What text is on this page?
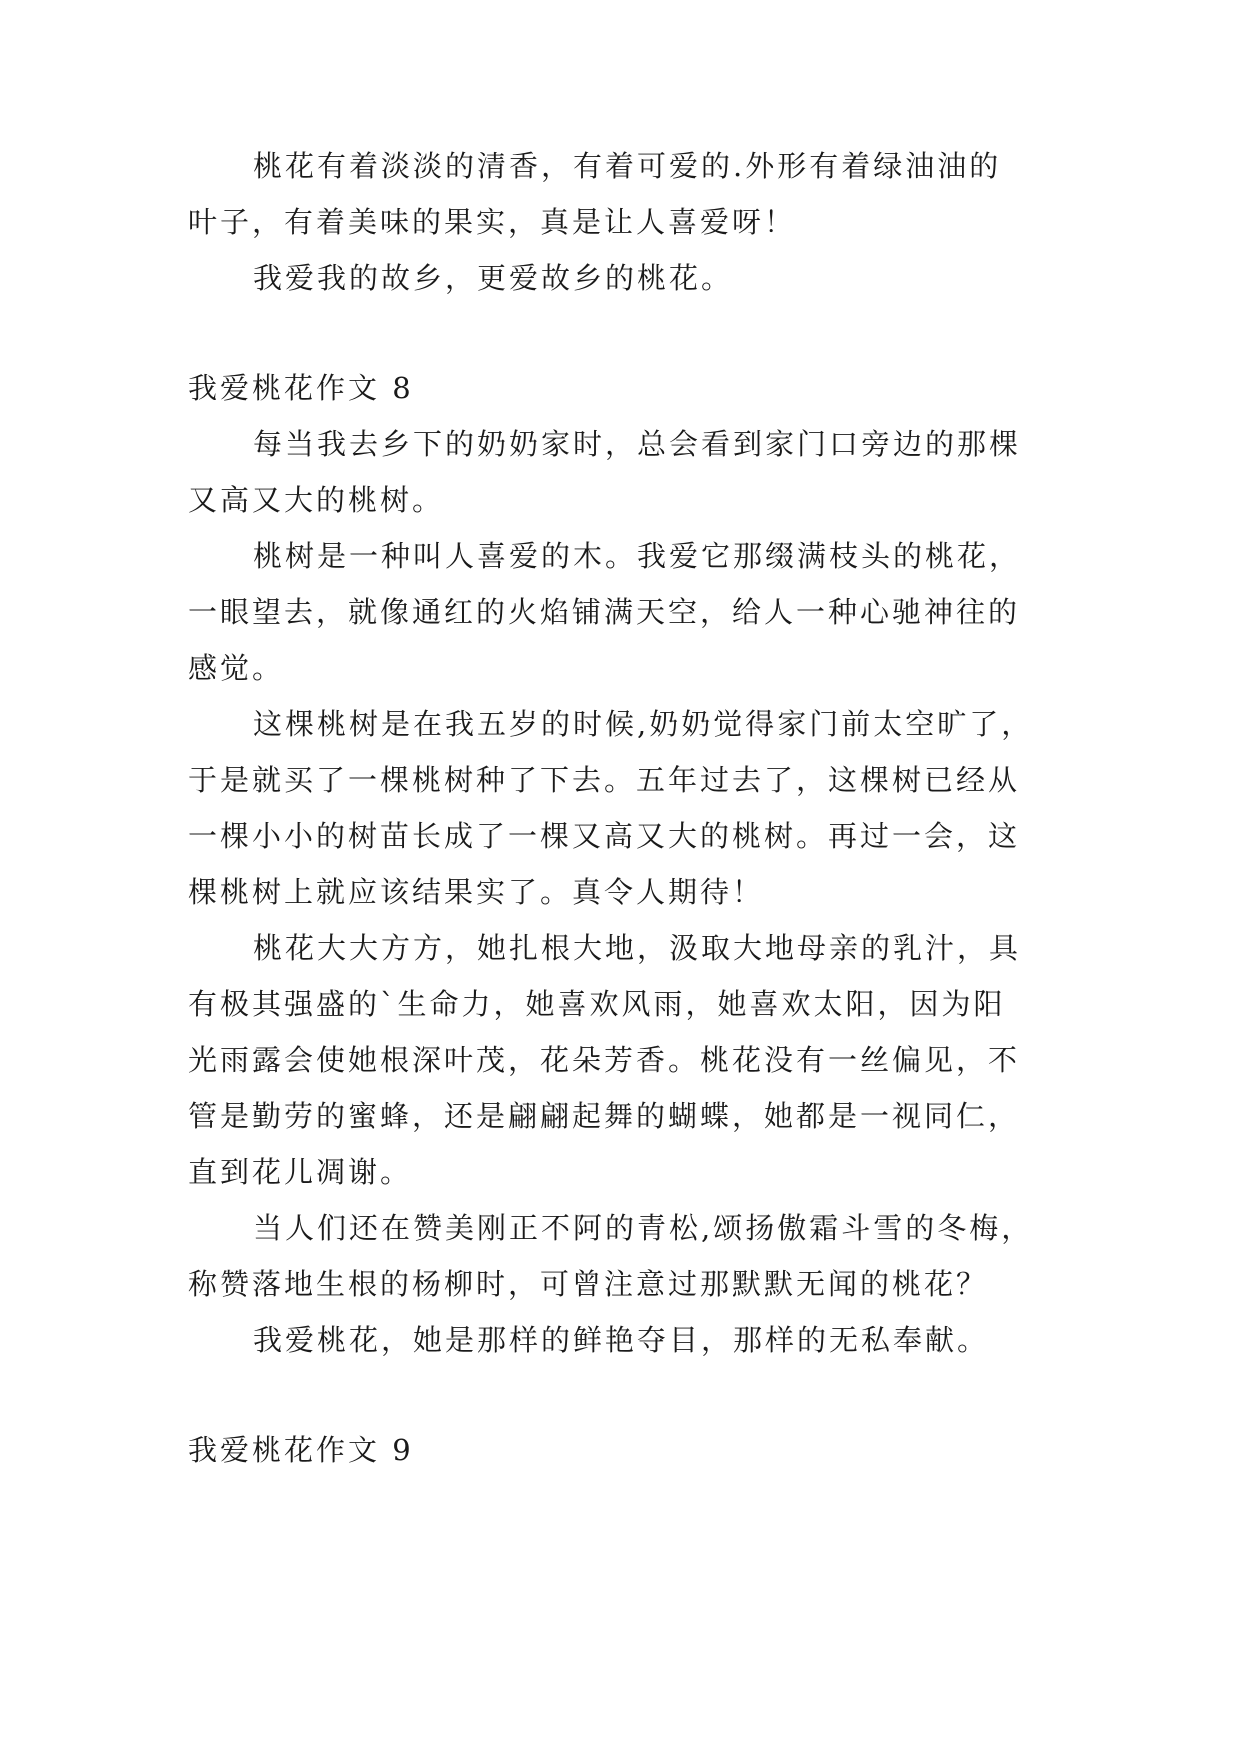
桃花有着淡淡的清香，有着可爱的.外形有着绿油油的

叶子，有着美味的果实，真是让人喜爱呀！

我爱我的故乡，更爱故乡的桃花。

我爱桃花作文 8

每当我去乡下的奶奶家时，总会看到家门口旁边的那棵

又高又大的桃树。

桃树是一种叫人喜爱的木。我爱它那缀满枝头的桃花，

一眼望去，就像通红的火焰铺满天空，给人一种心驰神往的

感觉。

这棵桃树是在我五岁的时候,奶奶觉得家门前太空旷了，

于是就买了一棵桃树种了下去。五年过去了，这棵树已经从

一棵小小的树苗长成了一棵又高又大的桃树。再过一会，这

棵桃树上就应该结果实了。真令人期待！

桃花大大方方，她扎根大地，汲取大地母亲的乳汁，具

有极其强盛的`生命力，她喜欢风雨，她喜欢太阳，因为阳

光雨露会使她根深叶茂，花朵芳香。桃花没有一丝偏见，不

管是勤劳的蜜蜂，还是翩翩起舞的蝴蝶，她都是一视同仁，

直到花儿凋谢。

当人们还在赞美刚正不阿的青松,颂扬傲霜斗雪的冬梅，

称赞落地生根的杨柳时，可曾注意过那默默无闻的桃花？

我爱桃花，她是那样的鲜艳夺目，那样的无私奉献。

我爱桃花作文 9
